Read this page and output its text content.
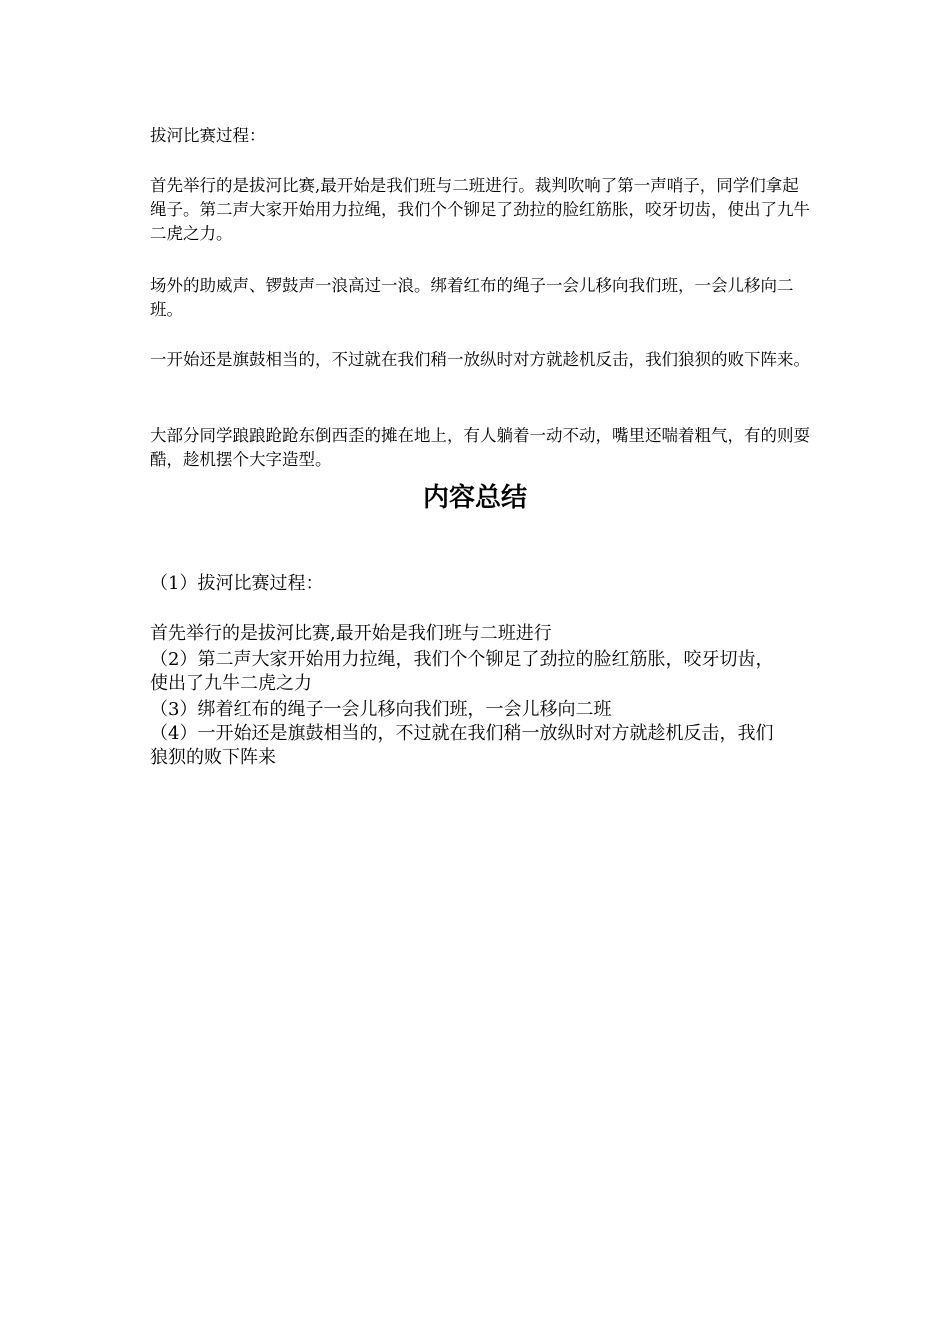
拔河比赛过程：

首先举行的是拔河比赛,最开始是我们班与二班进行。裁判吹响了第一声哨子，同学们拿起绳子。第二声大家开始用力拉绳，我们个个铆足了劲拉的脸红筋胀，咬牙切齿，使出了九牛二虎之力。

场外的助威声、锣鼓声一浪高过一浪。绑着红布的绳子一会儿移向我们班，一会儿移向二班。

一开始还是旗鼓相当的，不过就在我们稍一放纵时对方就趁机反击，我们狼狈的败下阵来。

大部分同学踉踉跄跄东倒西歪的摊在地上，有人躺着一动不动，嘴里还喘着粗气，有的则耍酷，趁机摆个大字造型。

内容总结

（1）拔河比赛过程：

首先举行的是拔河比赛,最开始是我们班与二班进行

（2）第二声大家开始用力拉绳，我们个个铆足了劲拉的脸红筋胀，咬牙切齿，使出了九牛二虎之力

（3）绑着红布的绳子一会儿移向我们班，一会儿移向二班

（4）一开始还是旗鼓相当的，不过就在我们稍一放纵时对方就趁机反击，我们狼狈的败下阵来
